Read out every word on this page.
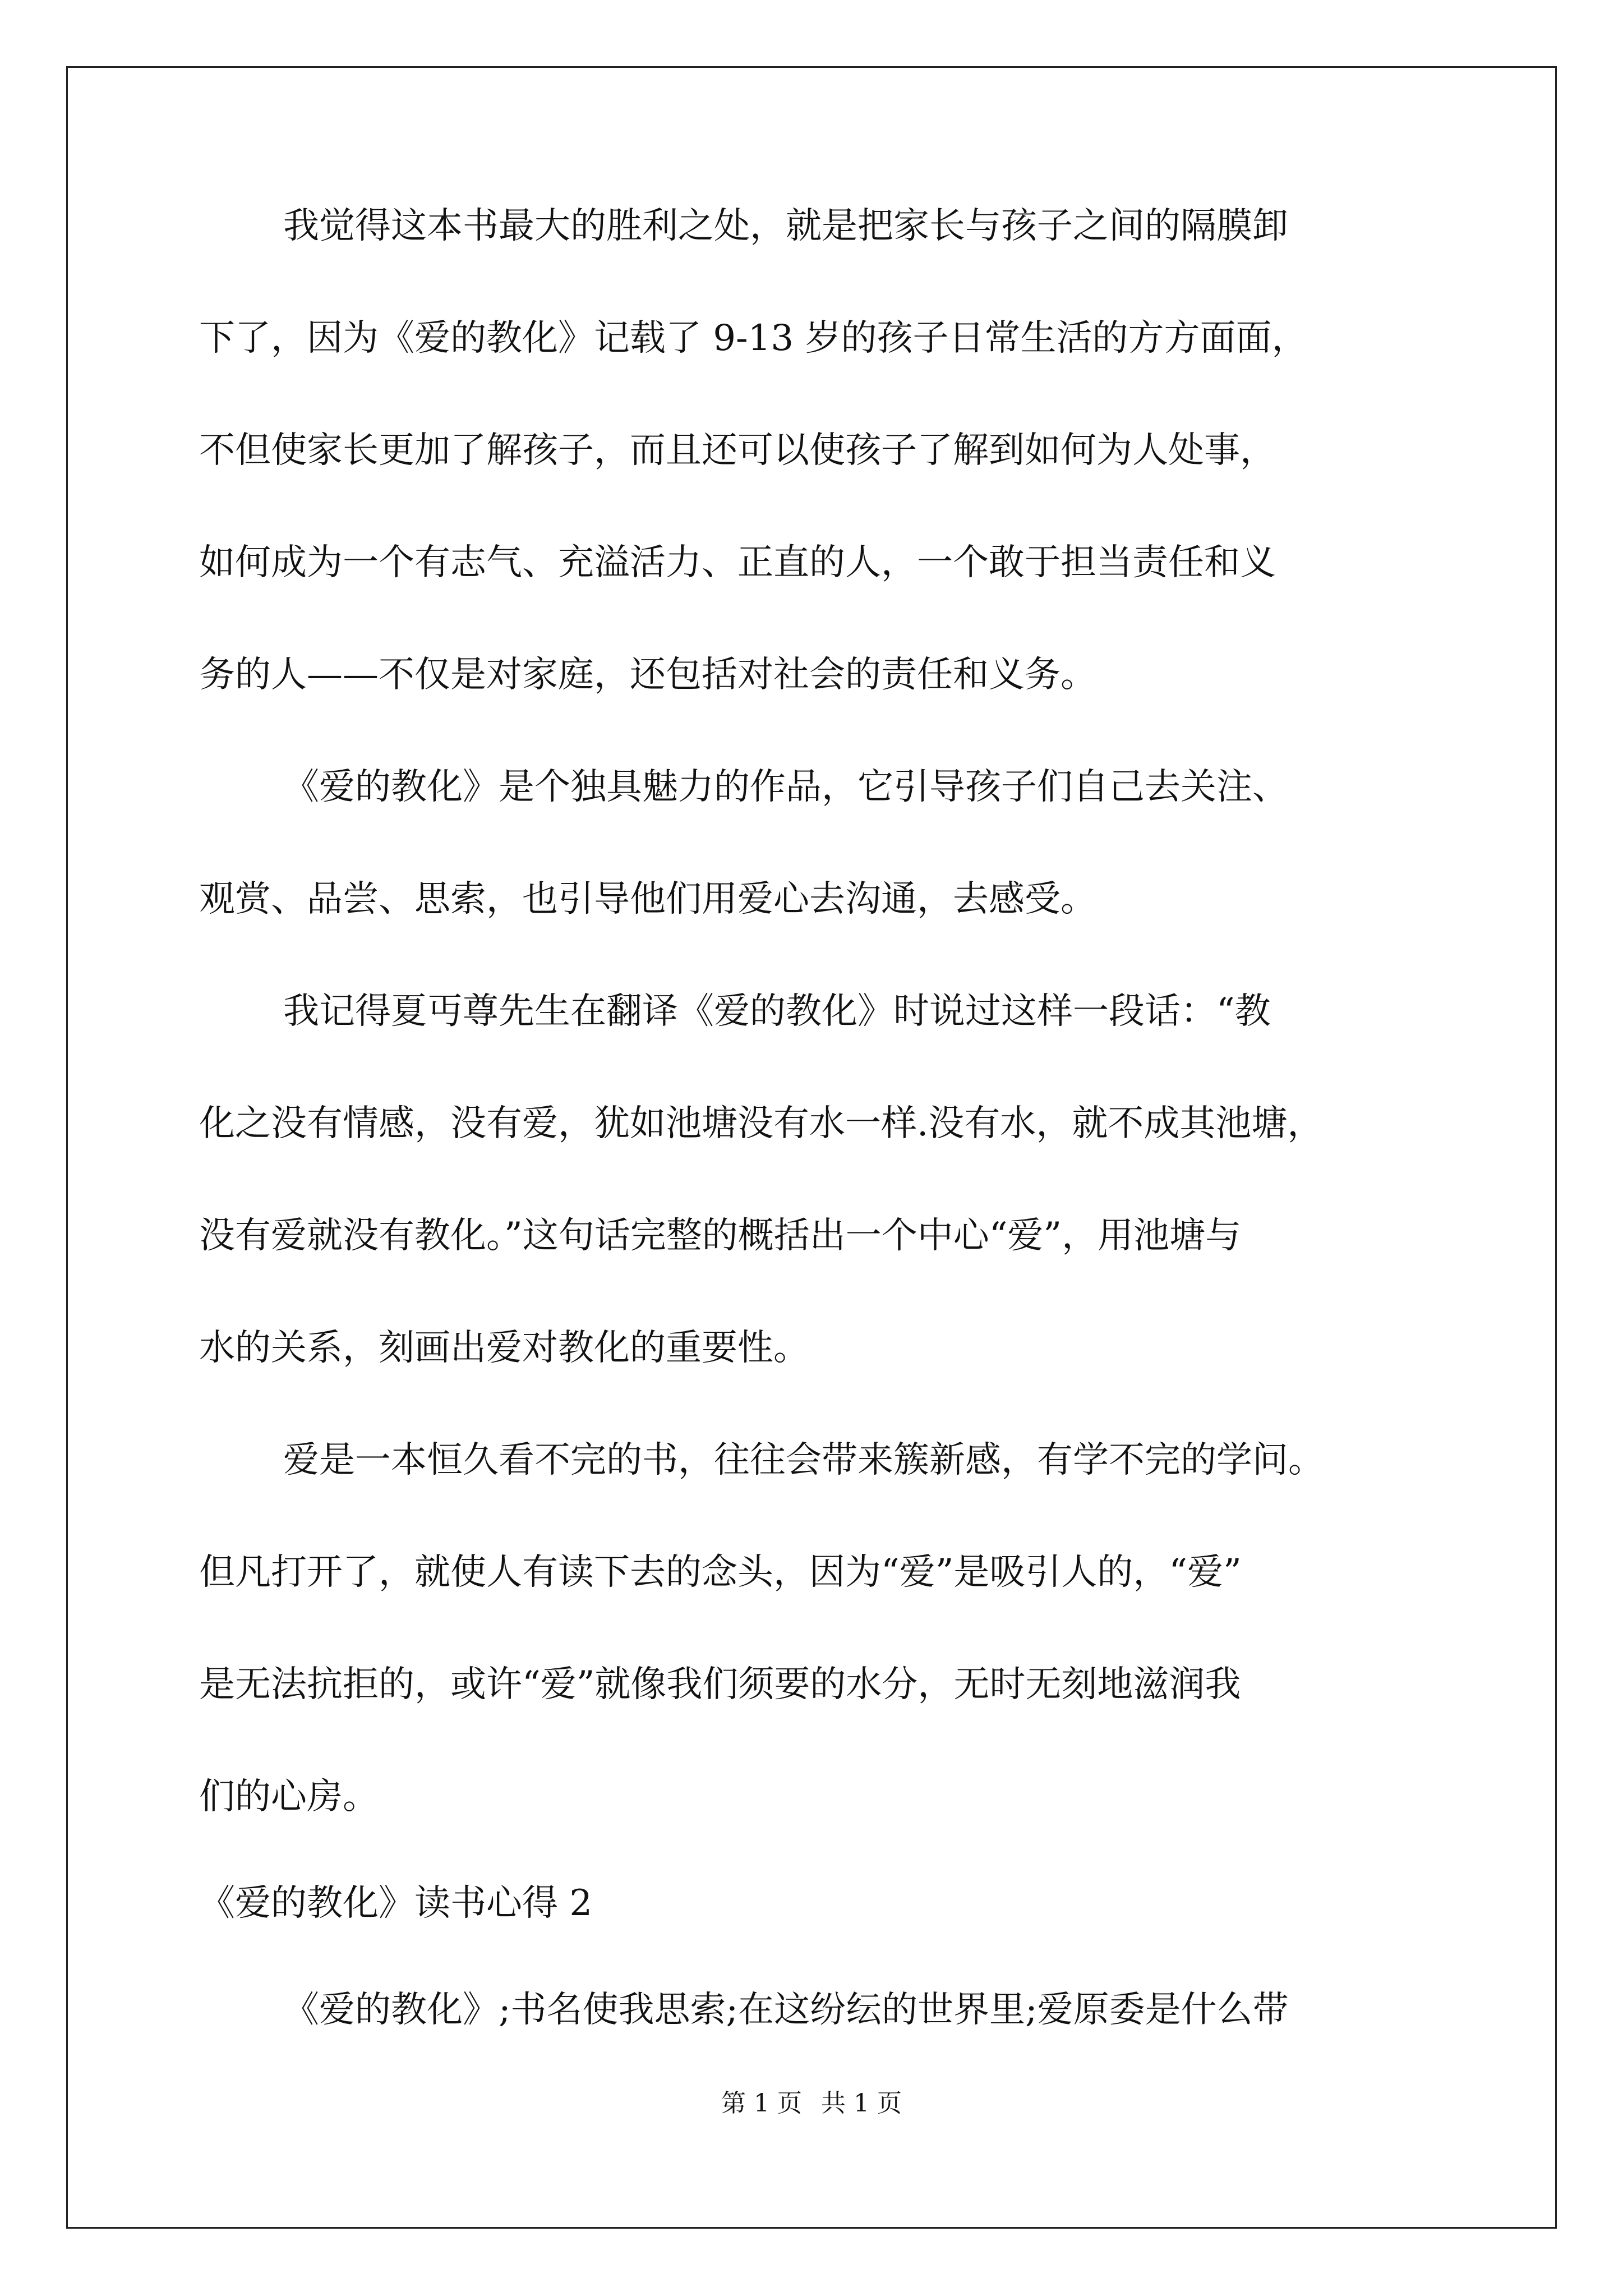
我觉得这本书最大的胜利之处，就是把家长与孩子之间的隔膜卸
下了，因为《爱的教化》记载了 9-13 岁的孩子日常生活的方方面面，
不但使家长更加了解孩子，而且还可以使孩子了解到如何为人处事，
如何成为一个有志气、充溢活力、正直的人，一个敢于担当责任和义
务的人——不仅是对家庭，还包括对社会的责任和义务。
《爱的教化》是个独具魅力的作品，它引导孩子们自己去关注、
观赏、品尝、思索，也引导他们用爱心去沟通，去感受。
我记得夏丏尊先生在翻译《爱的教化》时说过这样一段话：“教
化之没有情感，没有爱，犹如池塘没有水一样.没有水，就不成其池塘，
没有爱就没有教化。”这句话完整的概括出一个中心“爱”，用池塘与
水的关系，刻画出爱对教化的重要性。
爱是一本恒久看不完的书，往往会带来簇新感，有学不完的学问。
但凡打开了，就使人有读下去的念头，因为“爱”是吸引人的，“爱”
是无法抗拒的，或许“爱”就像我们须要的水分，无时无刻地滋润我
们的心房。
《爱的教化》读书心得 2
《爱的教化》;书名使我思索;在这纷纭的世界里;爱原委是什么带
第 1 页 共 1 页
